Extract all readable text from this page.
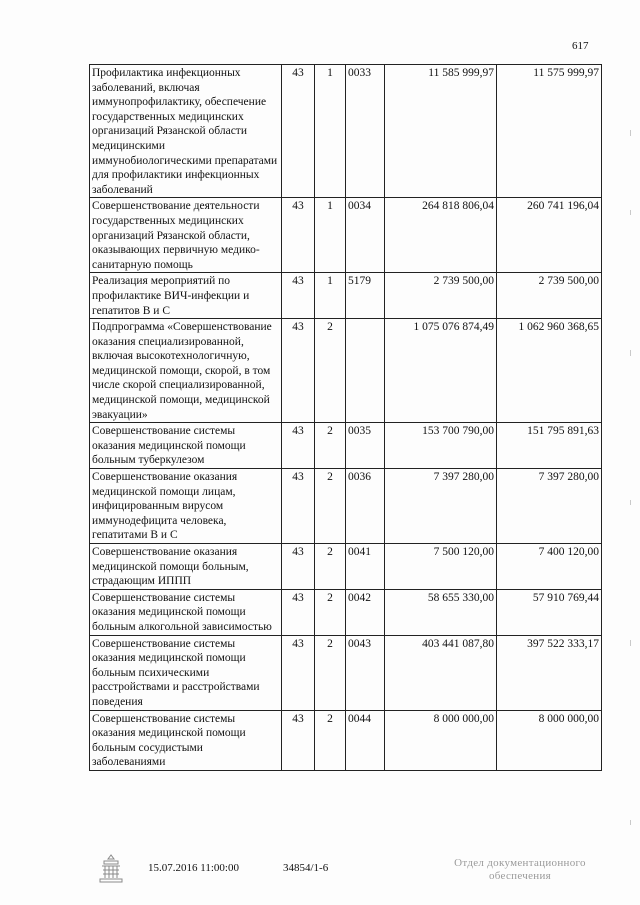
617
Профилактика инфекционных заболеваний, включая иммунопрофилактику, обеспечение государственных медицинских организаций Рязанской области медицинскими иммунобиологическими препаратами для профилактики инфекционных заболеваний	43	1	0033	11 585 999,97	11 575 999,97
Совершенствование деятельности государственных медицинских организаций Рязанской области, оказывающих первичную медико-санитарную помощь	43	1	0034	264 818 806,04	260 741 196,04
Реализация мероприятий по профилактике ВИЧ-инфекции и гепатитов В и С	43	1	5179	2 739 500,00	2 739 500,00
Подпрограмма «Совершенствование оказания специализированной, включая высокотехнологичную, медицинской помощи, скорой, в том числе скорой специализированной, медицинской помощи, медицинской эвакуации»	43	2		1 075 076 874,49	1 062 960 368,65
Совершенствование системы оказания медицинской помощи больным туберкулезом	43	2	0035	153 700 790,00	151 795 891,63
Совершенствование оказания медицинской помощи лицам, инфицированным вирусом иммунодефицита человека, гепатитами В и С	43	2	0036	7 397 280,00	7 397 280,00
Совершенствование оказания медицинской помощи больным, страдающим ИППП	43	2	0041	7 500 120,00	7 400 120,00
Совершенствование системы оказания медицинской помощи больным алкогольной зависимостью	43	2	0042	58 655 330,00	57 910 769,44
Совершенствование системы оказания медицинской помощи больным психическими расстройствами и расстройствами поведения	43	2	0043	403 441 087,80	397 522 333,17
Совершенствование системы оказания медицинской помощи больным сосудистыми заболеваниями	43	2	0044	8 000 000,00	8 000 000,00
15.07.2016 11:00:00	34854/1-6	Отдел документационного
обеспечения
